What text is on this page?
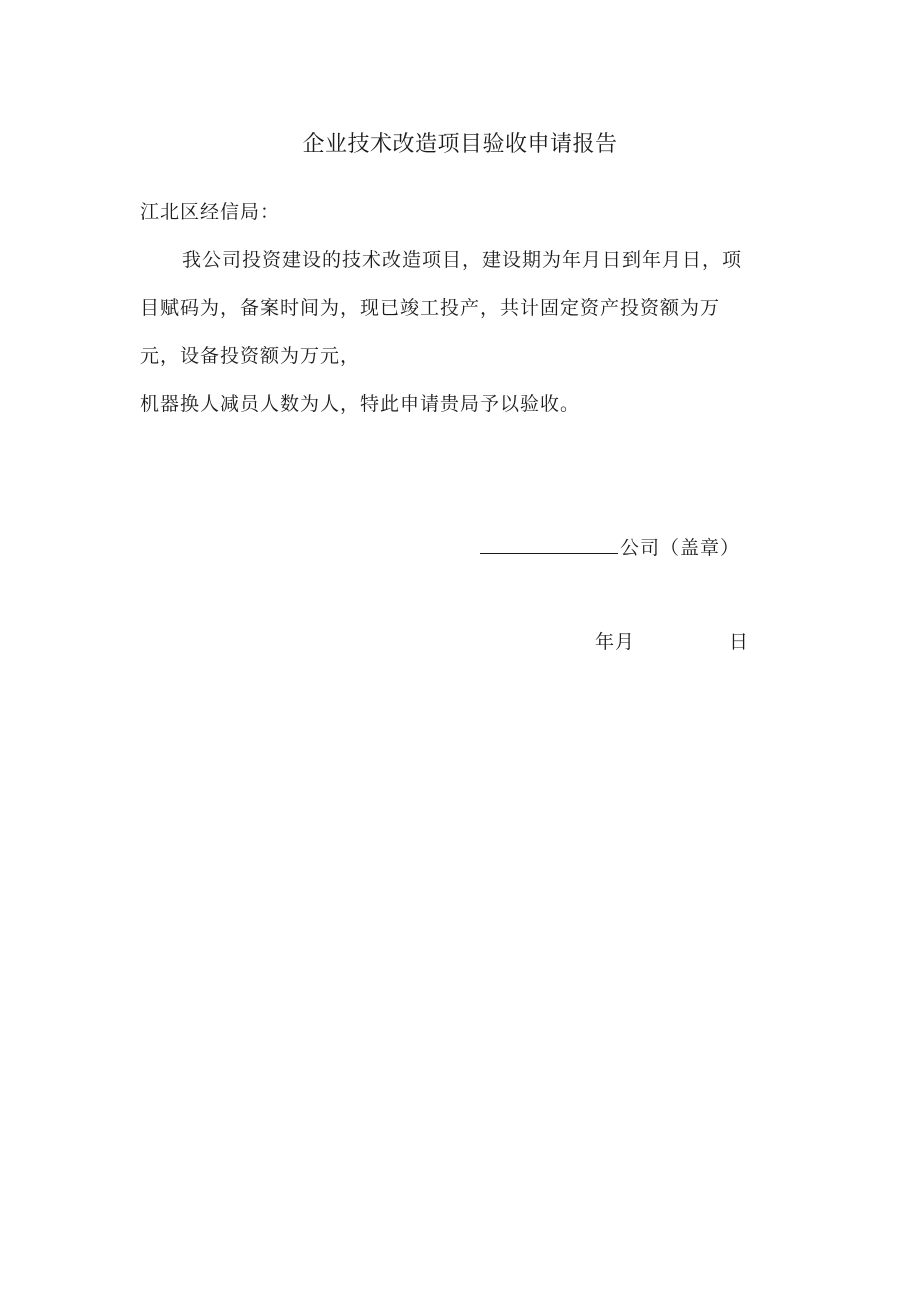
企业技术改造项目验收申请报告
江北区经信局：
我公司投资建设的技术改造项目，建设期为年月日到年月日，项
目赋码为，备案时间为，现已竣工投产，共计固定资产投资额为万
元，设备投资额为万元，
机器换人减员人数为人，特此申请贵局予以验收。
公司（盖章）
年月	日
